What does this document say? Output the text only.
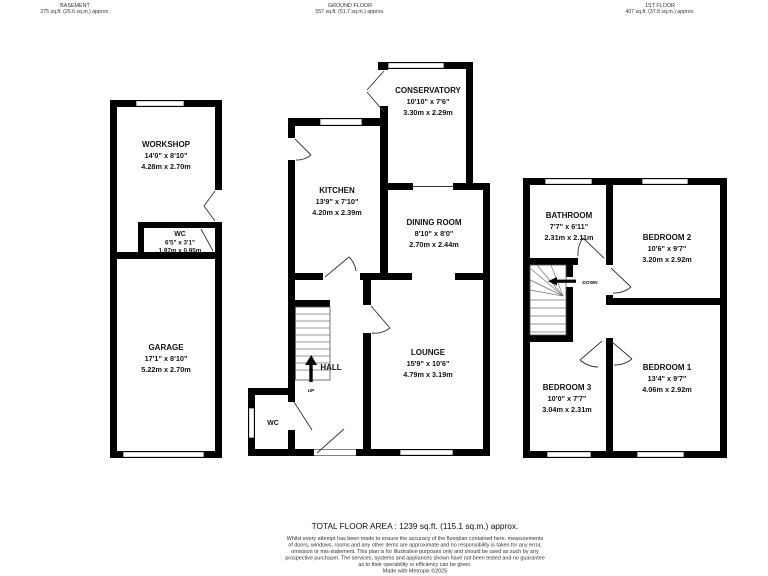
BASEMENT
275 sq.ft. (25.6 sq.m.) approx.
GROUND FLOOR
557 sq.ft. (51.7 sq.m.) approx.
1ST FLOOR
407 sq.ft. (37.8 sq.m.) approx.
WORKSHOP
14'0" x 8'10"
4.28m x 2.70m
WC
6'5" x 3'1"
1.97m x 0.95m
GARAGE
17'1" x 8'10"
5.22m x 2.70m
UP
CONSERVATORY
10'10" x 7'6"
3.30m x 2.29m
KITCHEN
13'9" x 7'10"
4.20m x 2.39m
DINING ROOM
8'10" x 8'0"
2.70m x 2.44m
LOUNGE
15'9" x 10'6"
4.79m x 3.19m
HALL
WC
DOWN
BATHROOM
7'7" x 6'11"
2.31m x 2.11m	BEDROOM 2
10'6" x 9'7"
3.20m x 2.92m
BEDROOM 1
13'4" x 9'7"
4.06m x 2.92m
BEDROOM 3
10'0" x 7'7"
3.04m x 2.31m
TOTAL FLOOR AREA : 1239 sq.ft. (115.1 sq.m.) approx.
Whilst every attempt has been made to ensure the accuracy of the floorplan contained here, measurements
of doors, windows, rooms and any other items are approximate and no responsibility is taken for any error,
omission or mis-statement. This plan is for illustrative purposes only and should be used as such by any
prospective purchaser. The services, systems and appliances shown have not been tested and no guarantee
as to their operability or efficiency can be given.
Made with Metropix ©2025
